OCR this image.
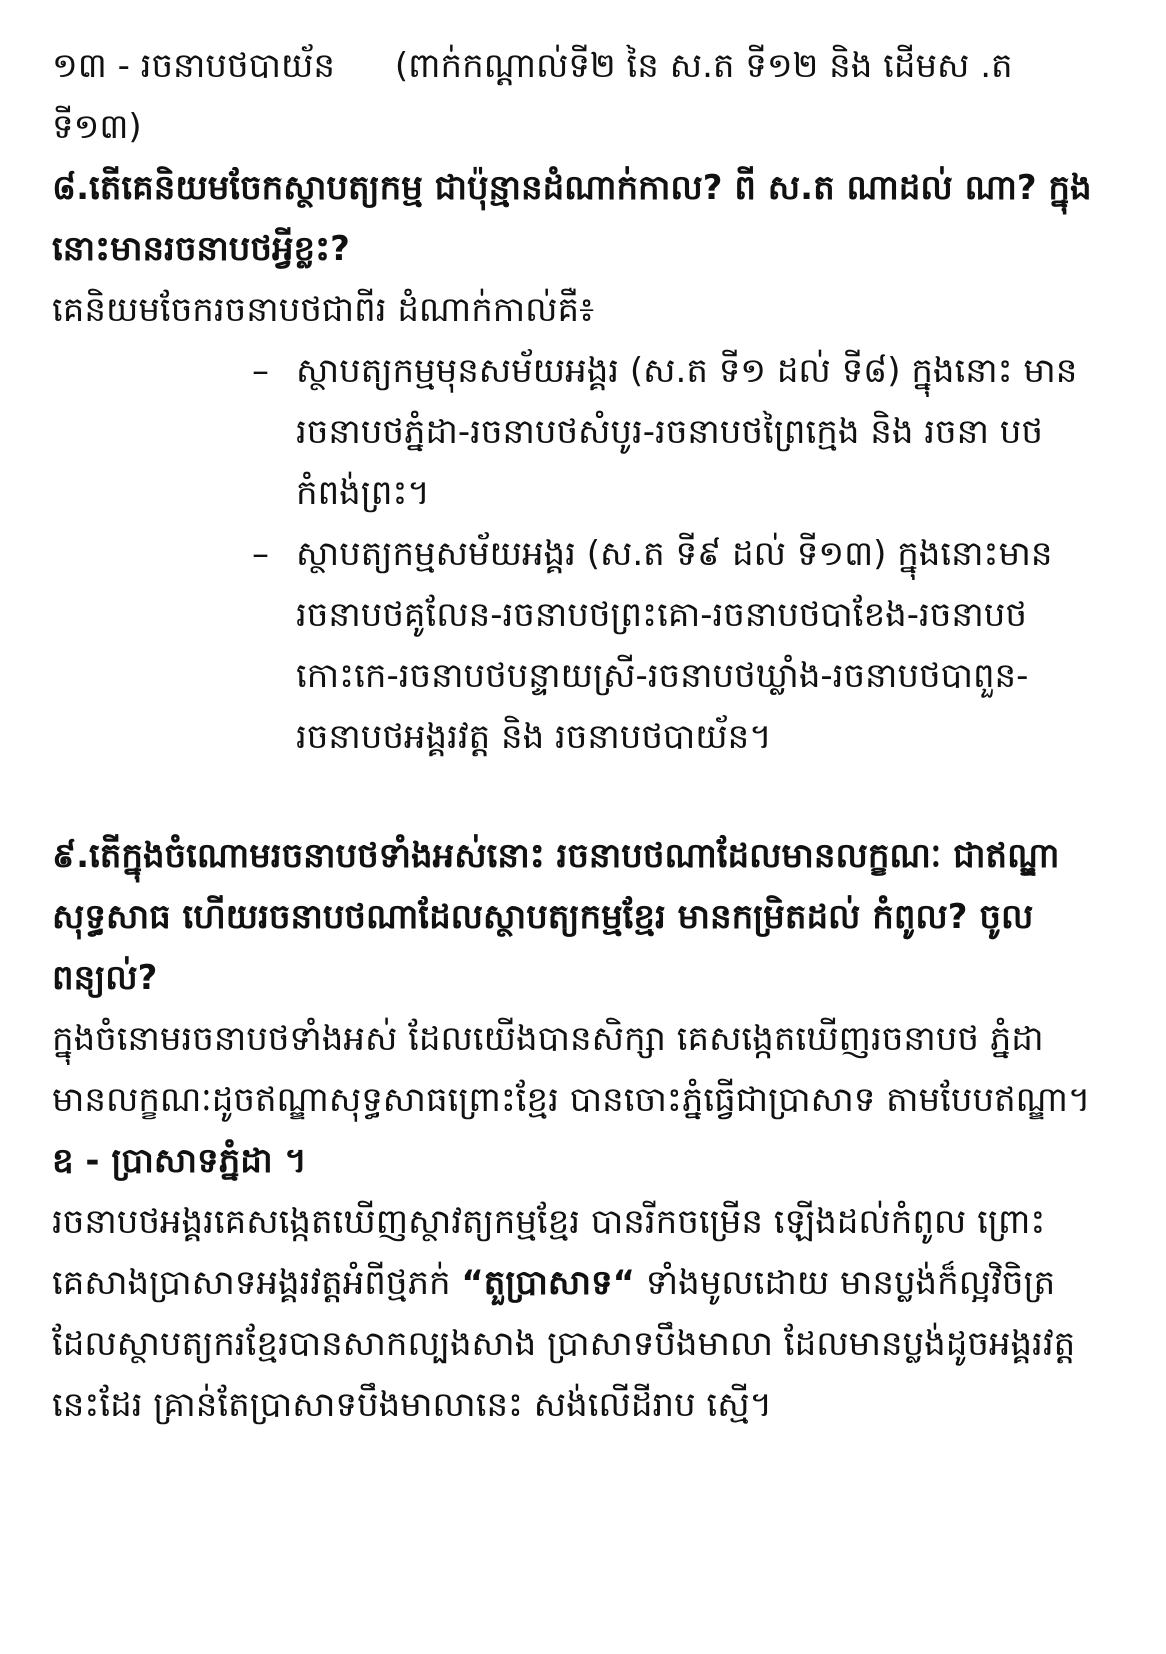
១៣ - រចនាបថបាយ័ន (ពាក់កណ្តាល់ទី២ នៃ ស.ត ទី១២ និង ដើមស .ត ទី១៣)

៨.តើគេនិយមចែកស្ថាបត្យកម្ម ជាប៉ុន្មានដំណាក់កាល? ពី ស.ត ណាដល់ ណា? ក្នុងនោះមានរចនាបថអ្វីខ្លះ?

គេនិយមចែករចនាបថជាពីរ ដំណាក់កាល់គឺ៖

– ស្ថាបត្យកម្មមុនសម័យអង្គរ (ស.ត ទី១ ដល់ ទី៨) ក្នុងនោះ មាន រចនាបថភ្នំដា-រចនាបថសំបូរ-រចនាបថព្រៃក្មេង និង រចនា បថកំពង់ព្រះ។
– ស្ថាបត្យកម្មសម័យអង្គរ (ស.ត ទី៩ ដល់ ទី១៣) ក្នុងនោះមាន រចនាបថគូលែន-រចនាបថព្រះគោ-រចនាបថបាខែង-រចនាបថ កោះកេ-រចនាបថបន្ទាយស្រី-រចនាបថឃ្លាំង-រចនាបថបាពួន- រចនាបថអង្គរវត្ត និង រចនាបថបាយ័ន។

៩.តើក្នុងចំណោមរចនាបថទាំងអស់នោះ រចនាបថណាដែលមានលក្ខណៈ ជាឥណ្ឌាសុទ្ធសាធ ហើយរចនាបថណាដែលស្ថាបត្យកម្មខ្មែរ មានកម្រិតដល់ កំពូល? ចូលពន្យល់?

ក្នុងចំនោមរចនាបថទាំងអស់ ដែលយើងបានសិក្សា គេសង្កេតឃើញរចនាបថ ភ្នំដា មានលក្ខណៈដូចឥណ្ឌាសុទ្ធសាធព្រោះខ្មែរ បានចោះភ្នំធ្វើជាប្រាសាទ តាមបែបឥណ្ឌា។

ឧ - ប្រាសាទភ្នំដា ។

រចនាបថអង្គរគេសង្កេតឃើញស្ថាវត្យកម្មខ្មែរ បានរីកចម្រើន ឡើងដល់កំពូល ព្រោះគេសាងប្រាសាទអង្គរវត្តអំពីថ្មភក់ “តួប្រាសាទ“ ទាំងមូលដោយ មានប្លង់ក៏ល្អវិចិត្រដែលស្ថាបត្យករខ្មែរបានសាកល្បងសាង ប្រាសាទបឹងមាលា ដែលមានប្លង់ដូចអង្គរវត្តនេះដែរ គ្រាន់តែប្រាសាទបឹងមាលានេះ សង់លើដីរាប ស្មើ។
